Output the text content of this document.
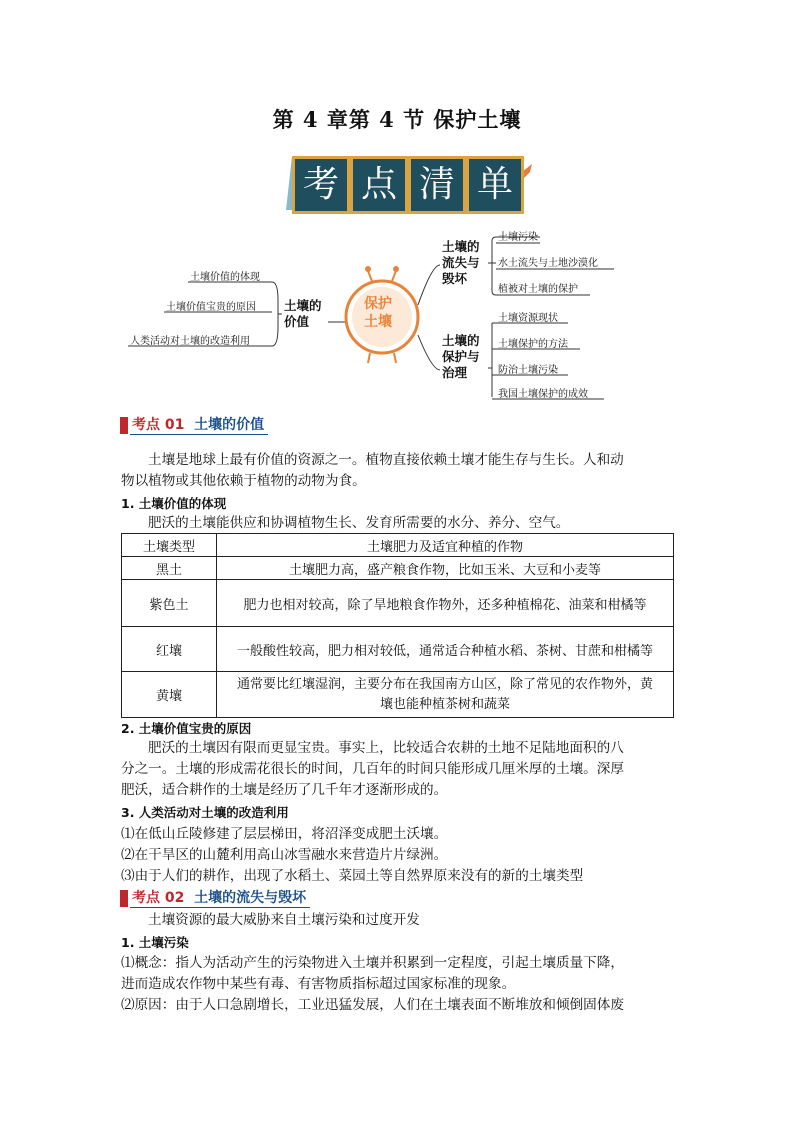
第 4 章第 4 节 保护土壤
考 点 清 单
土壤价值的体现
土壤价值宝贵的原因
人类活动对土壤的改造利用
土壤的
价值
保护
土壤
土壤的
流失与
毁坏
土壤污染
水土流失与土地沙漠化
植被对土壤的保护
土壤的
保护与
治理
土壤资源现状
土壤保护的方法
防治土壤污染
我国土壤保护的成效
考点 01 土壤的价值
土壤是地球上最有价值的资源之一。植物直接依赖土壤才能生存与生长。人和动
物以植物或其他依赖于植物的动物为食。
1. 土壤价值的体现
肥沃的土壤能供应和协调植物生长、发育所需要的水分、养分、空气。
土壤类型	土壤肥力及适宜种植的作物
黑土	土壤肥力高，盛产粮食作物，比如玉米、大豆和小麦等
紫色土	肥力也相对较高，除了旱地粮食作物外，还多种植棉花、油菜和柑橘等
红壤	一般酸性较高，肥力相对较低，通常适合种植水稻、茶树、甘蔗和柑橘等
黄壤	通常要比红壤湿润，主要分布在我国南方山区，除了常见的农作物外，黄
壤也能种植茶树和蔬菜
2. 土壤价值宝贵的原因
肥沃的土壤因有限而更显宝贵。事实上，比较适合农耕的土地不足陆地面积的八
分之一。土壤的形成需花很长的时间，几百年的时间只能形成几厘米厚的土壤。深厚
肥沃，适合耕作的土壤是经历了几千年才逐渐形成的。
3. 人类活动对土壤的改造利用
⑴在低山丘陵修建了层层梯田，将沼泽变成肥土沃壤。
⑵在干旱区的山麓利用高山冰雪融水来营造片片绿洲。
⑶由于人们的耕作，出现了水稻土、菜园土等自然界原来没有的新的土壤类型
考点 02 土壤的流失与毁坏
土壤资源的最大威胁来自土壤污染和过度开发
1. 土壤污染
⑴概念：指人为活动产生的污染物进入土壤并积累到一定程度，引起土壤质量下降，
进而造成农作物中某些有毒、有害物质指标超过国家标准的现象。
⑵原因：由于人口急剧增长，工业迅猛发展，人们在土壤表面不断堆放和倾倒固体废
